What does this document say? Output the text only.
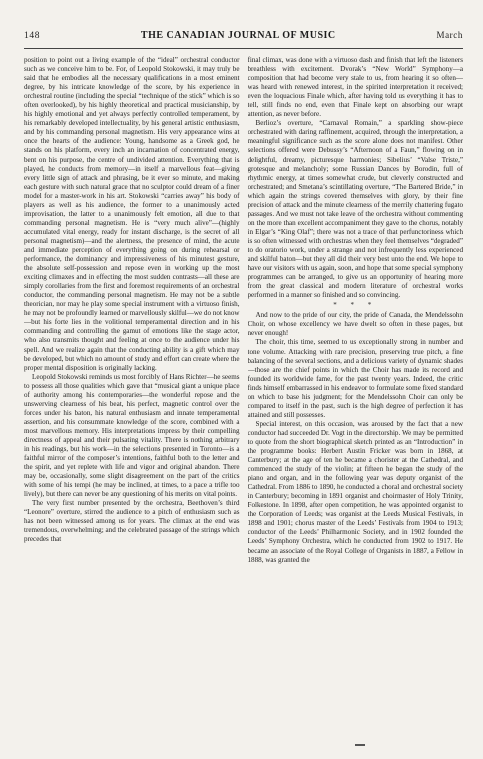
148	THE CANADIAN JOURNAL OF MUSIC	March

position to point out a living example of the “ideal” orchestral conductor such as we conceive him to be. For, of Leopold Stokowski, it may truly be said that he embodies all the necessary qualifications in a most eminent degree, by his intricate knowledge of the score, by his experience in orchestral routine (including the special “technique of the stick” which is so often overlooked), by his highly theoretical and practical musicianship, by his highly emotional and yet always perfectly controlled temperament, by his remarkably developed intellectuality, by his general artistic enthusiasm, and by his commanding personal magnetism. His very appearance wins at once the hearts of the audience: Young, handsome as a Greek god, he stands on his platform, every inch an incarnation of concentrated energy, bent on his purpose, the centre of undivided attention. Everything that is played, he conducts from memory—in itself a marvellous feat—giving every little sign of attack and phrasing, be it ever so minute, and making each gesture with such natural grace that no sculptor could dream of a finer model for a master-work in his art. Stokowski “carries away” his body of players as well as his audience, the former to a unanimously acted improvisation, the latter to a unanimously felt emotion, all due to that commanding personal magnetism. He is “very much alive”—(highly accumulated vital energy, ready for instant discharge, is the secret of all personal magnetism)—and the alertness, the presence of mind, the acute and immediate perception of everything going on during rehearsal or performance, the dominancy and impressiveness of his minutest gesture, the absolute self-possession and repose even in working up the most exciting climaxes and in effecting the most sudden contrasts—all these are simply corollaries from the first and foremost requirements of an orchestral conductor, the commanding personal magnetism. He may not be a subtle theorician, nor may he play some special instrument with a virtuoso finish, he may not be profoundly learned or marvellously skilful—we do not know—but his forte lies in the volitional temperamental direction and in his commanding and controlling the gamut of emotions like the stage actor, who also transmits thought and feeling at once to the audience under his spell. And we realize again that the conducting ability is a gift which may be developed, but which no amount of study and effort can create where the proper mental disposition is originally lacking.

Leopold Stokowski reminds us most forcibly of Hans Richter—he seems to possess all those qualities which gave that “musical giant a unique place of authority among his contemporaries—the wonderful repose and the unswerving clearness of his beat, his perfect, magnetic control over the forces under his baton, his natural enthusiasm and innate temperamental assertion, and his consummate knowledge of the score, combined with a most marvellous memory. His interpretations impress by their compelling directness of appeal and their pulsating vitality. There is nothing arbitrary in his readings, but his work—in the selections presented in Toronto—is a faithful mirror of the composer’s intentions, faithful both to the letter and the spirit, and yet replete with life and vigor and original abandon. There may be, occasionally, some slight disagreement on the part of the critics with some of his tempi (he may be inclined, at times, to a pace a trifle too lively), but there can never be any questioning of his merits on vital points.

The very first number presented by the orchestra, Beethoven’s third “Leonore” overture, stirred the audience to a pitch of enthusiasm such as has not been witnessed among us for years. The climax at the end was tremendous, overwhelming; and the celebrated passage of the strings which precedes that

final climax, was done with a virtuoso dash and finish that left the listeners breathless with excitement. Dvorak’s “New World” Symphony—a composition that had become very stale to us, from hearing it so often—was heard with renewed interest, in the spirited interpretation it received; even the loquacious Finale which, after having told us everything it has to tell, still finds no end, even that Finale kept on absorbing our wrapt attention, as never before.

Berlioz’s overture, “Carnaval Romain,” a sparkling show-piece orchestrated with daring raffinement, acquired, through the interpretation, a meaningful significance such as the score alone does not manifest. Other selections offered were Debussy’s “Afternoon of a Faun,” flowing on in delightful, dreamy, picturesque harmonies; Sibelius’ “Valse Triste,” grotesque and melancholy; some Russian Dances by Borodin, full of rhythmic energy, at times somewhat crude, but cleverly constructed and orchestrated; and Smetana’s scintillating overture, “The Bartered Bride,” in which again the strings covered themselves with glory, by their fine precision of attack and the minute clearness of the merrily chattering fugato passages. And we must not take leave of the orchestra without commenting on the more than excellent accompaniment they gave to the chorus, notably in Elgar’s “King Olaf”; there was not a trace of that perfunctoriness which is so often witnessed with orchestras when they feel themselves “degraded” to do oratorio work, under a strange and not infrequently less experienced and skilful baton—but they all did their very best unto the end. We hope to have our visitors with us again, soon, and hope that some special symphony programmes can be arranged, to give us an opportunity of hearing more from the great classical and modern literature of orchestral works performed in a manner so finished and so convincing.

* * *

And now to the pride of our city, the pride of Canada, the Mendelssohn Choir, on whose excellency we have dwelt so often in these pages, but never enough!

The choir, this time, seemed to us exceptionally strong in number and tone volume. Attacking with rare precision, preserving true pitch, a fine balancing of the several sections, and a delicious variety of dynamic shades—those are the chief points in which the Choir has made its record and founded its worldwide fame, for the past twenty years. Indeed, the critic finds himself embarrassed in his endeavor to formulate some fixed standard on which to base his judgment; for the Mendelssohn Choir can only be compared to itself in the past, such is the high degree of perfection it has attained and still possesses.

Special interest, on this occasion, was aroused by the fact that a new conductor had succeeded Dr. Vogt in the directorship. We may be permitted to quote from the short biographical sketch printed as an “Introduction” in the programme books: Herbert Austin Fricker was born in 1868, at Canterbury; at the age of ten he became a chorister at the Cathedral, and commenced the study of the violin; at fifteen he began the study of the piano and organ, and in the following year was deputy organist of the Cathedral. From 1886 to 1890, he conducted a choral and orchestral society in Canterbury; becoming in 1891 organist and choirmaster of Holy Trinity, Folkestone. In 1898, after open competition, he was appointed organist to the Corporation of Leeds; was organist at the Leeds Musical Festivals, in 1898 and 1901; chorus master of the Leeds’ Festivals from 1904 to 1913; conductor of the Leeds’ Philharmonic Society, and in 1902 founded the Leeds’ Symphony Orchestra, which he conducted from 1902 to 1917. He became an associate of the Royal College of Organists in 1887, a Fellow in 1888, was granted the
